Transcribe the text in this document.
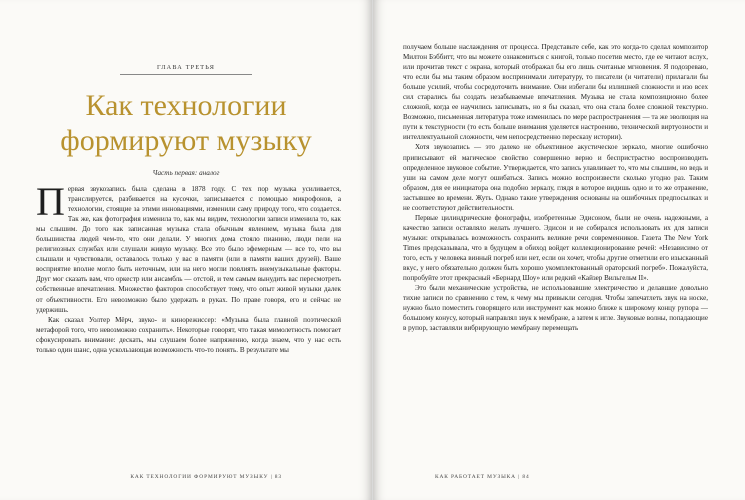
ГЛАВА ТРЕТЬЯ
Как технологии формируют музыку
Часть первая: аналог

Первая звукозапись была сделана в 1878 году. С тех пор музыка усиливается, транслируется, разбивается на кусочки, записывается с помощью микрофонов, а технологии, стоящие за этими инновациями, изменили саму природу того, что создается. Так же, как фотография изменила то, как мы видим, технологии записи изменила то, как мы слышим. До того как записанная музыка стала обычным явлением, музыка была для большинства людей чем-то, что они делали. У многих дома стояло пианино, люди пели на религиозных службах или слушали живую музыку. Все это было эфемерным — все то, что вы слышали и чувствовали, оставалось только у вас в памяти (или в памяти ваших друзей). Ваше восприятие вполне могло быть неточным, или на него могли повлиять внемузыкальные факторы. Друг мог сказать вам, что оркестр или ансамбль — отстой, и тем самым вынудить вас пересмотреть собственные впечатления. Множество факторов способствует тому, что опыт живой музыки далек от объективности. Его невозможно было удержать в руках. По праве говоря, его и сейчас не удержишь.

Как сказал Уолтер Мёрч, звуко- и кинорежиссер: «Музыка была главной поэтической метафорой того, что невозможно сохранить». Некоторые говорят, что такая мимолетность помогает сфокусировать внимание: дескать, мы слушаем более напряженно, когда знаем, что у нас есть только один шанс, одна ускользающая возможность что-то понять. В результате мы

КАК ТЕХНОЛОГИИ ФОРМИРУЮТ МУЗЫКУ | 83

получаем больше наслаждения от процесса. Представьте себе, как это когда-то сделал композитор Милтон Бэббитт, что вы можете ознакомиться с книгой, только посетив место, где ее читают вслух, или прочитав текст с экрана, который отображал бы его лишь считаные мгновения. Я подозреваю, что если бы мы таким образом воспринимали литературу, то писатели (и читатели) прилагали бы больше усилий, чтобы сосредоточить внимание. Они избегали бы излишней сложности и изо всех сил старались бы создать незабываемые впечатления. Музыка не стала композиционно более сложной, когда ее научились записывать, но я бы сказал, что она стала более сложной текстурно. Возможно, письменная литература тоже изменилась по мере распространения — та же эволюция на пути к текстурности (то есть больше внимания уделяется настроению, технической виртуозности и интеллектуальной сложности, чем непосредственно пересказу истории).

Хотя звукозапись — это далеко не объективное акустическое зеркало, многие ошибочно приписывают ей магическое свойство совершенно верно и беспристрастно воспроизводить определенное звуковое событие. Утверждается, что запись улавливает то, что мы слышим, но ведь и уши на самом деле могут ошибаться. Запись можно воспроизвести сколько угодно раз. Таким образом, для ее инициатора она подобно зеркалу, глядя в которое видишь одно и то же отражение, застывшее во времени. Жуть. Однако такие утверждения основаны на ошибочных предпосылках и не соответствуют действительности.

Первые цилиндрические фонографы, изобретенные Эдисоном, были не очень надежными, а качество записи оставляло желать лучшего. Эдисон и не собирался использовать их для записи музыки: открывалась возможность сохранить великие речи современников. Газета The New York Times предсказывала, что в будущем в обиход войдет коллекционирование речей: «Независимо от того, есть у человека винный погреб или нет, если он хочет, чтобы другие отметили его изысканный вкус, у него обязательно должен быть хорошо укомплектованный ораторский погреб». Пожалуйста, попробуйте этот прекрасный «Бернард Шоу» или редкий «Кайзер Вильгельм II».

Это были механические устройства, не использовавшие электричество и делавшие довольно тихие записи по сравнению с тем, к чему мы привыкли сегодня. Чтобы запечатлеть звук на носке, нужно было поместить говорящего или инструмент как можно ближе к широкому концу рупора — большому конусу, который направлял звук к мембране, а затем к игле. Звуковые волны, попадающие в рупор, заставляли вибрирующую мембрану перемещать

КАК РАБОТАЕТ МУЗЫКА | 84
